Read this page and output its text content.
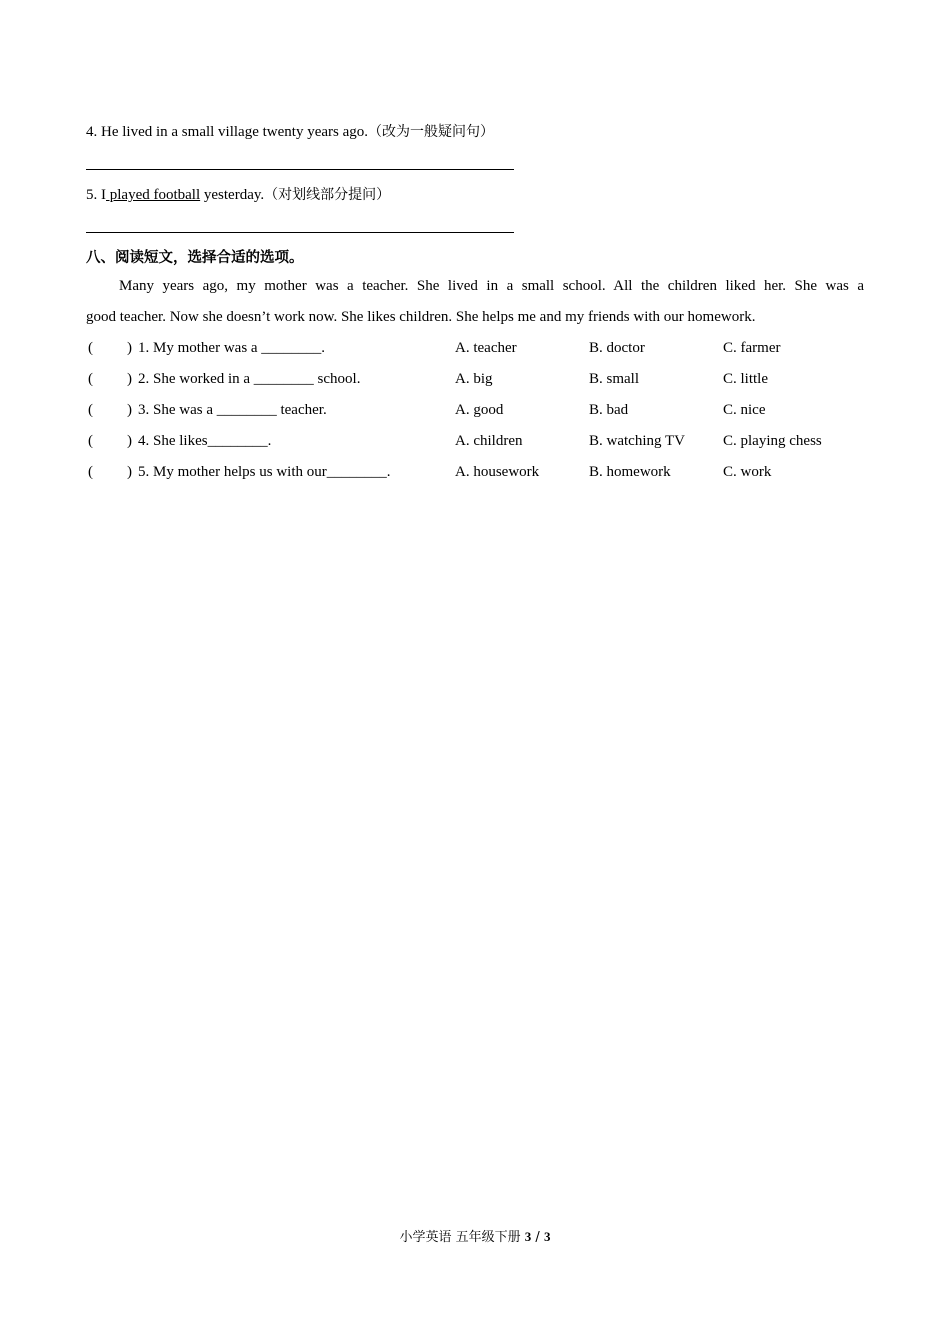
4. He lived in a small village twenty years ago.（改为一般疑问句）
5. I played football yesterday.（对划线部分提问）
八、阅读短文，选择合适的选项。

Many years ago, my mother was a teacher. She lived in a small school. All the children liked her. She was a

good teacher. Now she doesn’t work now. She likes children. She helps me and my friends with our homework.

( ) 1. My mother was a ________.	A. teacher	B. doctor	C. farmer
( ) 2. She worked in a ________ school.	A. big	B. small	C. little
( ) 3. She was a ________ teacher.	A. good	B. bad	C. nice
( ) 4. She likes________.	A. children	B. watching TV	C. playing chess
( ) 5. My mother helps us with our________.	A. housework	B. homework	C. work
小学英语 五年级下册 3 / 3
